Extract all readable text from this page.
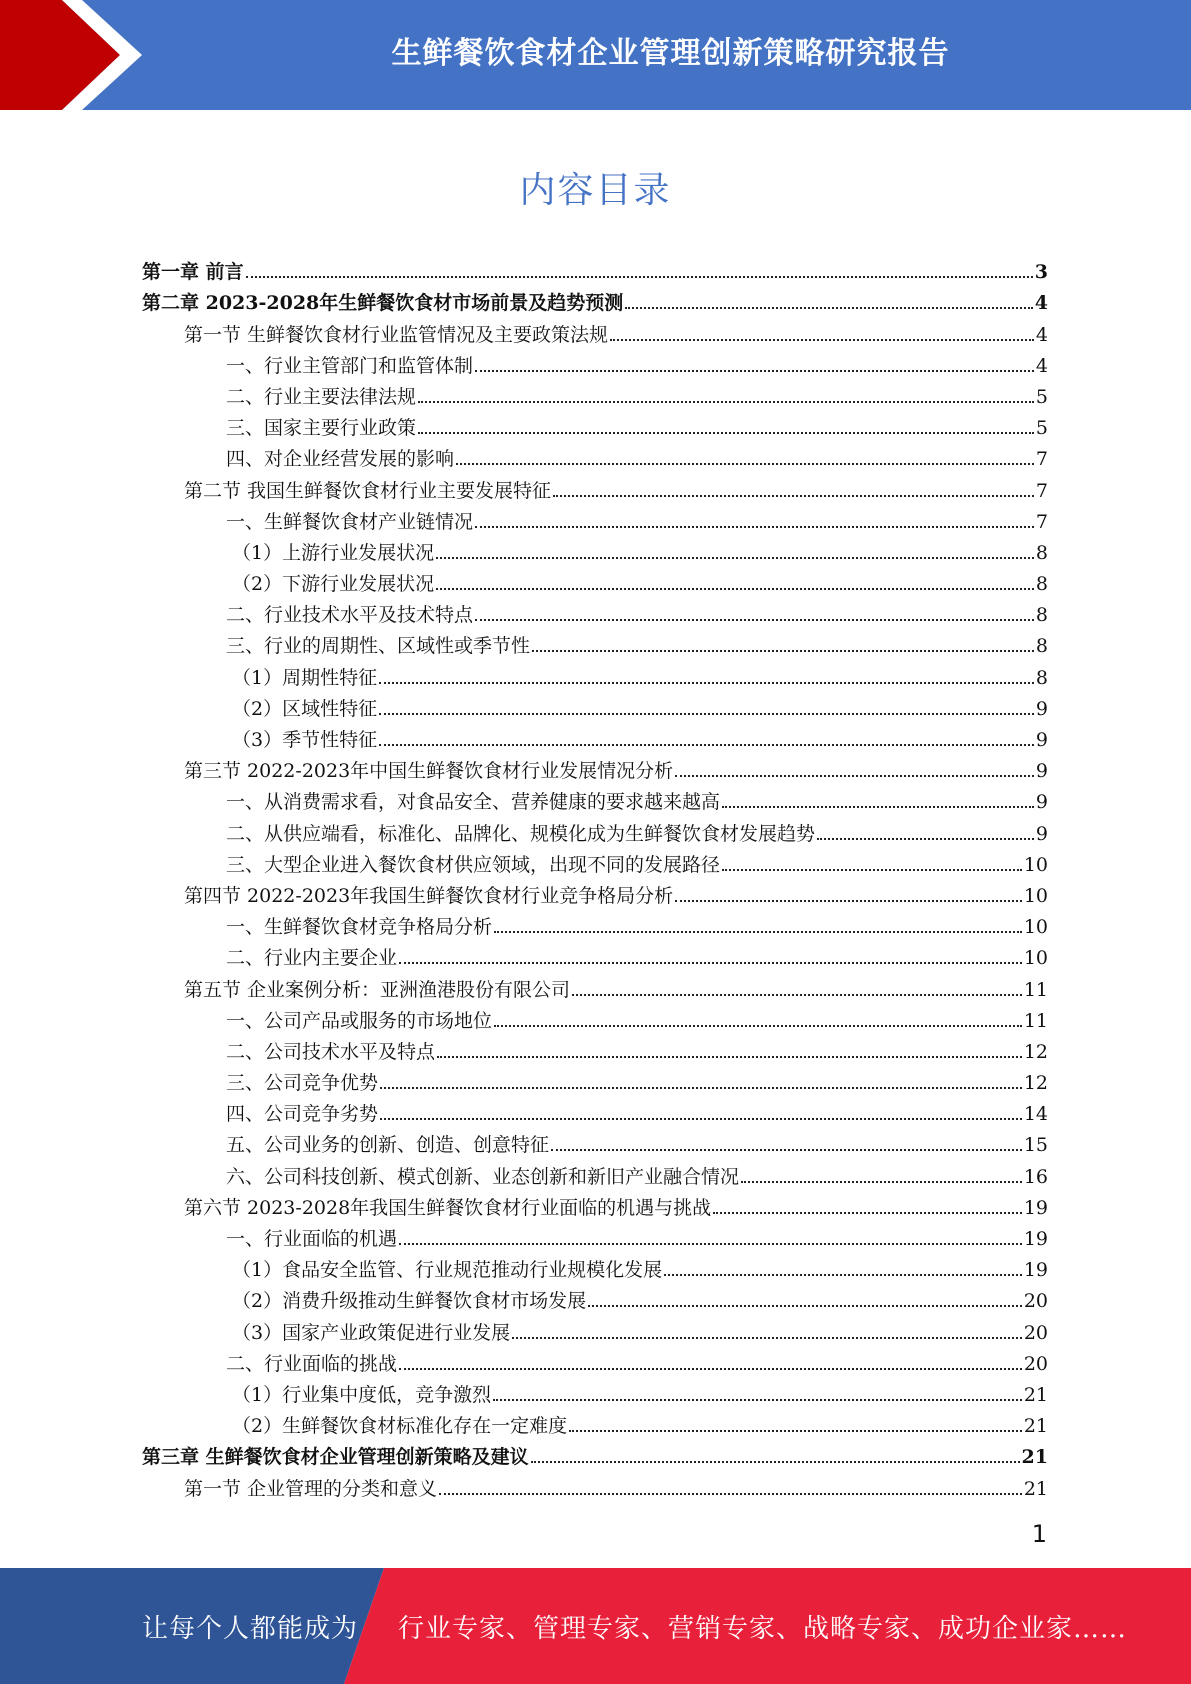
生鲜餐饮食材企业管理创新策略研究报告
内容目录
第一章 前言	3
第二章 2023-2028年生鲜餐饮食材市场前景及趋势预测	4
第一节 生鲜餐饮食材行业监管情况及主要政策法规	4
一、行业主管部门和监管体制	4
二、行业主要法律法规	5
三、国家主要行业政策	5
四、对企业经营发展的影响	7
第二节 我国生鲜餐饮食材行业主要发展特征	7
一、生鲜餐饮食材产业链情况	7
（1）上游行业发展状况	8
（2）下游行业发展状况	8
二、行业技术水平及技术特点	8
三、行业的周期性、区域性或季节性	8
（1）周期性特征	8
（2）区域性特征	9
（3）季节性特征	9
第三节 2022-2023年中国生鲜餐饮食材行业发展情况分析	9
一、从消费需求看，对食品安全、营养健康的要求越来越高	9
二、从供应端看，标准化、品牌化、规模化成为生鲜餐饮食材发展趋势	9
三、大型企业进入餐饮食材供应领域，出现不同的发展路径	10
第四节 2022-2023年我国生鲜餐饮食材行业竞争格局分析	10
一、生鲜餐饮食材竞争格局分析	10
二、行业内主要企业	10
第五节 企业案例分析：亚洲渔港股份有限公司	11
一、公司产品或服务的市场地位	11
二、公司技术水平及特点	12
三、公司竞争优势	12
四、公司竞争劣势	14
五、公司业务的创新、创造、创意特征	15
六、公司科技创新、模式创新、业态创新和新旧产业融合情况	16
第六节 2023-2028年我国生鲜餐饮食材行业面临的机遇与挑战	19
一、行业面临的机遇	19
（1）食品安全监管、行业规范推动行业规模化发展	19
（2）消费升级推动生鲜餐饮食材市场发展	20
（3）国家产业政策促进行业发展	20
二、行业面临的挑战	20
（1）行业集中度低，竞争激烈	21
（2）生鲜餐饮食材标准化存在一定难度	21
第三章 生鲜餐饮食材企业管理创新策略及建议	21
第一节 企业管理的分类和意义	21
1
让每个人都能成为 行业专家、管理专家、营销专家、战略专家、成功企业家……
